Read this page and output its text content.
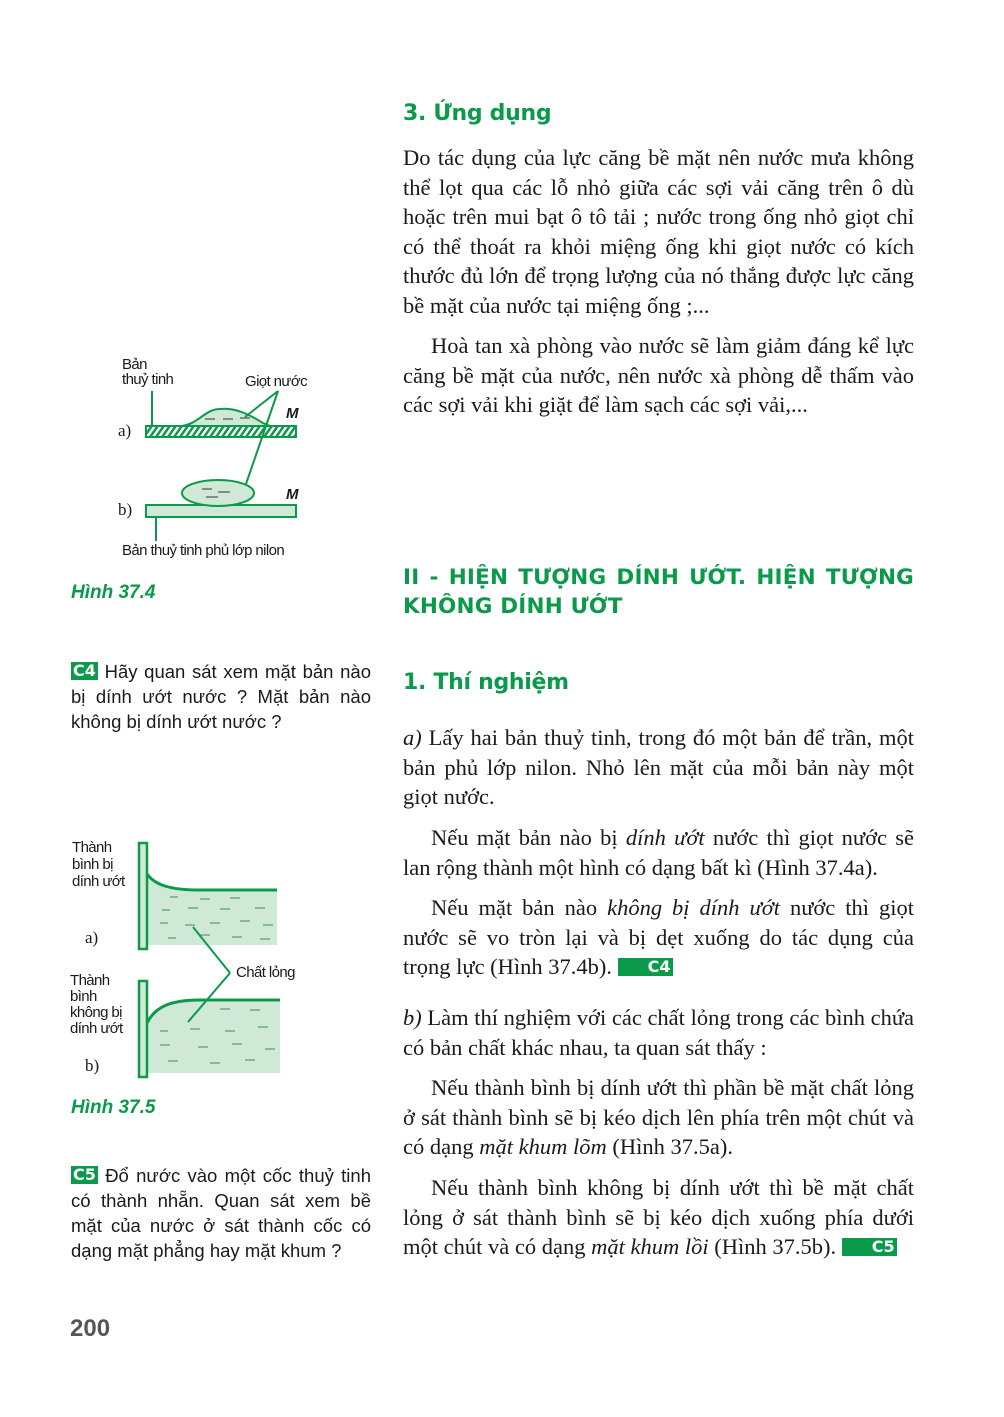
3. Ứng dụng

Do tác dụng của lực căng bề mặt nên nước mưa không thể lọt qua các lỗ nhỏ giữa các sợi vải căng trên ô dù hoặc trên mui bạt ô tô tải ; nước trong ống nhỏ giọt chỉ có thể thoát ra khỏi miệng ống khi giọt nước có kích thước đủ lớn để trọng lượng của nó thắng được lực căng bề mặt của nước tại miệng ống ;...

Hoà tan xà phòng vào nước sẽ làm giảm đáng kể lực căng bề mặt của nước, nên nước xà phòng dễ thấm vào các sợi vải khi giặt để làm sạch các sợi vải,...

II - HIỆN TƯỢNG DÍNH ƯỚT. HIỆN TƯỢNG KHÔNG DÍNH ƯỚT
1. Thí nghiệm

a) Lấy hai bản thuỷ tinh, trong đó một bản để trần, một bản phủ lớp nilon. Nhỏ lên mặt của mỗi bản này một giọt nước.

Nếu mặt bản nào bị dính ướt nước thì giọt nước sẽ lan rộng thành một hình có dạng bất kì (Hình 37.4a).

Nếu mặt bản nào không bị dính ướt nước thì giọt nước sẽ vo tròn lại và bị dẹt xuống do tác dụng của trọng lực (Hình 37.4b). C4

b) Làm thí nghiệm với các chất lỏng trong các bình chứa có bản chất khác nhau, ta quan sát thấy :

Nếu thành bình bị dính ướt thì phần bề mặt chất lỏng ở sát thành bình sẽ bị kéo dịch lên phía trên một chút và có dạng mặt khum lõm (Hình 37.5a).

Nếu thành bình không bị dính ướt thì bề mặt chất lỏng ở sát thành bình sẽ bị kéo dịch xuống phía dưới một chút và có dạng mặt khum lồi (Hình 37.5b). C5

Bản
thuỷ tinh	Giọt nước
M
M
a)
b)
Bản thuỷ tinh phủ lớp nilon
Hình 37.4

C4 Hãy quan sát xem mặt bản nào bị dính ướt nước ? Mặt bản nào không bị dính ướt nước ?

Thành
bình bị
dính ướt
a)
Thành
bình
không bị
dính ướt
b)
Chất lỏng
Hình 37.5

C5 Đổ nước vào một cốc thuỷ tinh có thành nhẵn. Quan sát xem bề mặt của nước ở sát thành cốc có dạng mặt phẳng hay mặt khum ?

200
